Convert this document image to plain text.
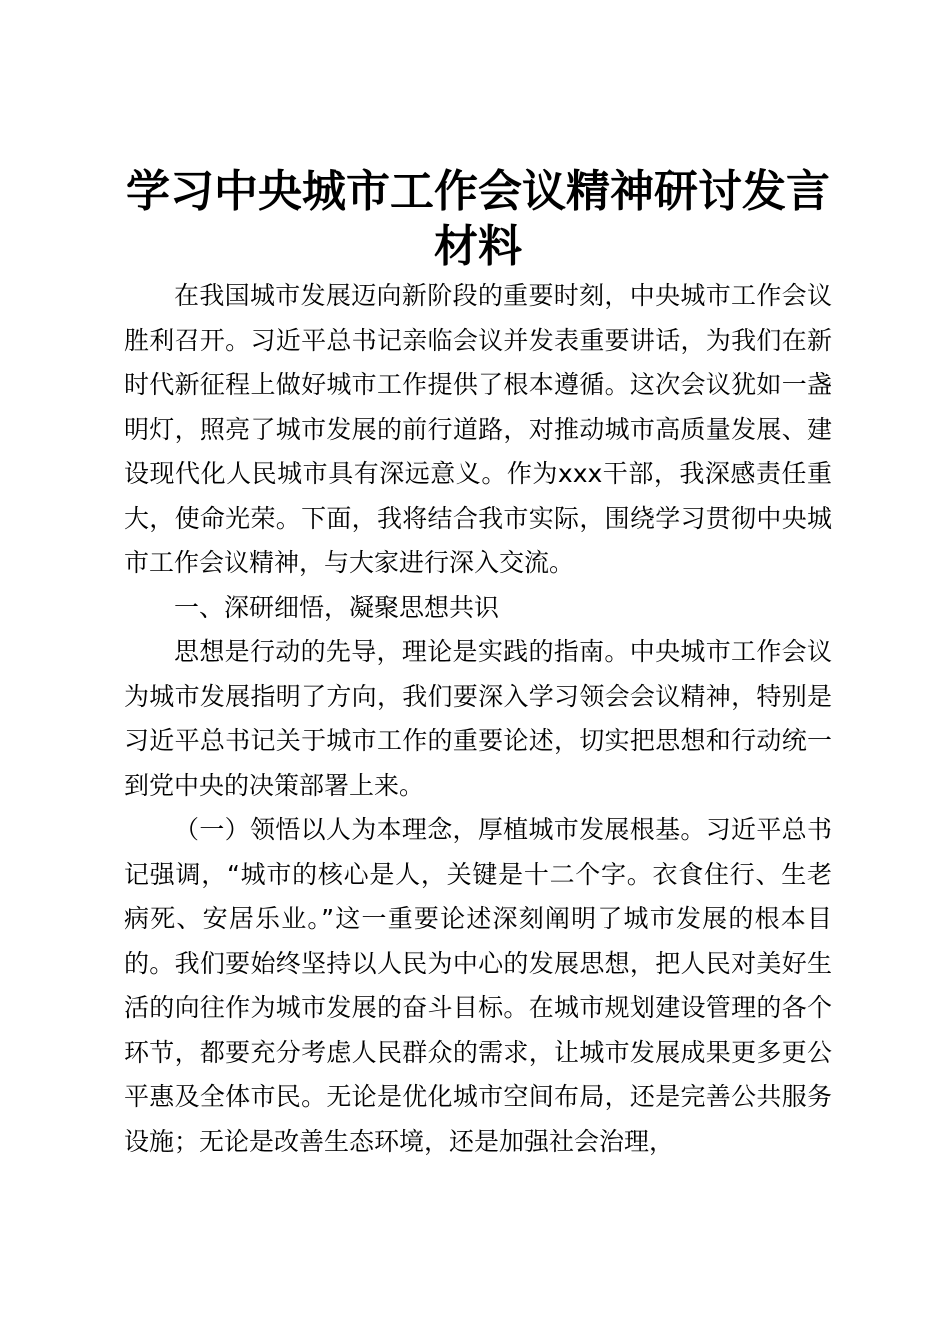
学习中央城市工作会议精神研讨发言材料

在我国城市发展迈向新阶段的重要时刻，中央城市工作会议胜利召开。习近平总书记亲临会议并发表重要讲话，为我们在新时代新征程上做好城市工作提供了根本遵循。这次会议犹如一盏明灯，照亮了城市发展的前行道路，对推动城市高质量发展、建设现代化人民城市具有深远意义。作为xxx干部，我深感责任重大，使命光荣。下面，我将结合我市实际，围绕学习贯彻中央城市工作会议精神，与大家进行深入交流。

一、深研细悟，凝聚思想共识

思想是行动的先导，理论是实践的指南。中央城市工作会议为城市发展指明了方向，我们要深入学习领会会议精神，特别是习近平总书记关于城市工作的重要论述，切实把思想和行动统一到党中央的决策部署上来。

（一）领悟以人为本理念，厚植城市发展根基。习近平总书记强调，“城市的核心是人，关键是十二个字。衣食住行、生老病死、安居乐业。”这一重要论述深刻阐明了城市发展的根本目的。我们要始终坚持以人民为中心的发展思想，把人民对美好生活的向往作为城市发展的奋斗目标。在城市规划建设管理的各个环节，都要充分考虑人民群众的需求，让城市发展成果更多更公平惠及全体市民。无论是优化城市空间布局，还是完善公共服务设施；无论是改善生态环境，还是加强社会治理，
